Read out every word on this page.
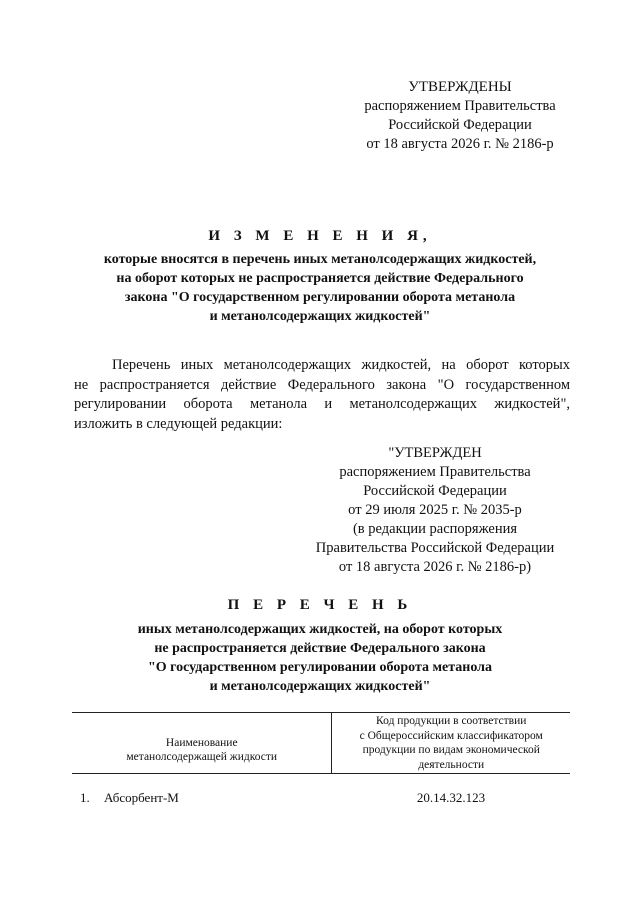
УТВЕРЖДЕНЫ
распоряжением Правительства
Российской Федерации
от 18 августа 2026 г. № 2186-р
И З М Е Н Е Н И Я,
которые вносятся в перечень иных метанолсодержащих жидкостей,
на оборот которых не распространяется действие Федерального
закона "О государственном регулировании оборота метанола
и метанолсодержащих жидкостей"
Перечень иных метанолсодержащих жидкостей, на оборот которых
не распространяется действие Федерального закона "О государственном
регулировании оборота метанола и метанолсодержащих жидкостей",
изложить в следующей редакции:
"УТВЕРЖДЕН
распоряжением Правительства
Российской Федерации
от 29 июля 2025 г. № 2035-р
(в редакции распоряжения
Правительства Российской Федерации
от 18 августа 2026 г. № 2186-р)
П Е Р Е Ч Е Н Ь
иных метанолсодержащих жидкостей, на оборот которых
не распространяется действие Федерального закона
"О государственном регулировании оборота метанола
и метанолсодержащих жидкостей"
Наименование
метанолсодержащей жидкости
Код продукции в соответствии
с Общероссийским классификатором
продукции по видам экономической
деятельности
1.	Абсорбент-М	20.14.32.123
